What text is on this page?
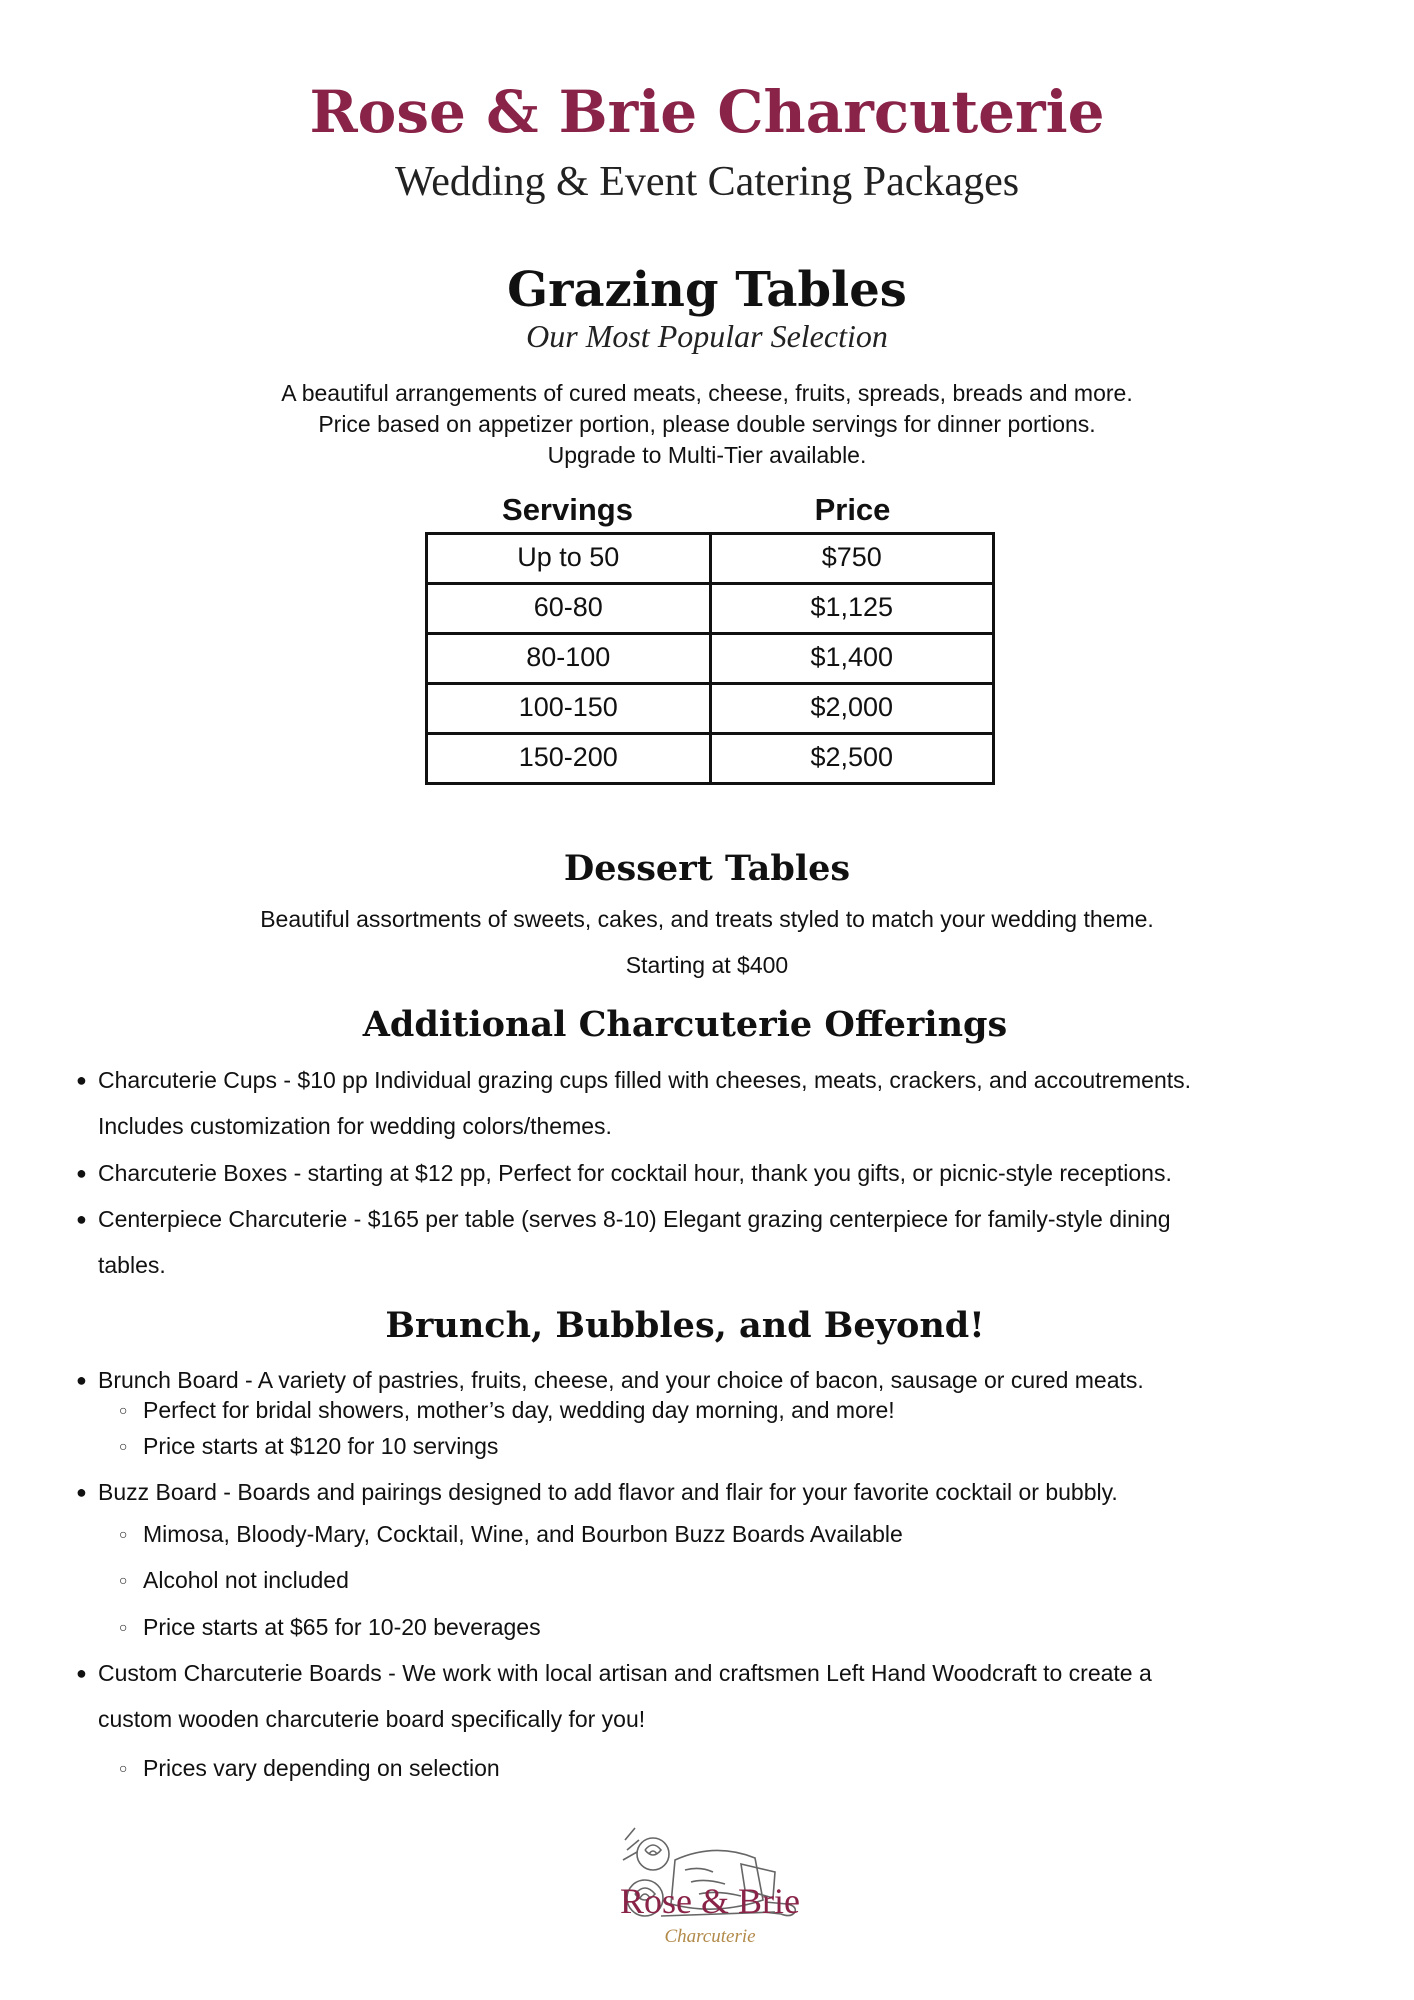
Rose & Brie Charcuterie
Wedding & Event Catering Packages
Grazing Tables
Our Most Popular Selection
A beautiful arrangements of cured meats, cheese, fruits, spreads, breads and more.
Price based on appetizer portion, please double servings for dinner portions.
Upgrade to Multi-Tier available.
Servings	Price
Up to 50	$750
60-80	$1,125
80-100	$1,400
100-150	$2,000
150-200	$2,500
Dessert Tables
Beautiful assortments of sweets, cakes, and treats styled to match your wedding theme.
Starting at $400
Additional Charcuterie Offerings
● Charcuterie Cups - $10 pp Individual grazing cups filled with cheeses, meats, crackers, and accoutrements.
Includes customization for wedding colors/themes.
● Charcuterie Boxes - starting at $12 pp, Perfect for cocktail hour, thank you gifts, or picnic-style receptions.
● Centerpiece Charcuterie - $165 per table (serves 8-10) Elegant grazing centerpiece for family-style dining
tables.
Brunch, Bubbles, and Beyond!
● Brunch Board - A variety of pastries, fruits, cheese, and your choice of bacon, sausage or cured meats.
○ Perfect for bridal showers, mother’s day, wedding day morning, and more!
○ Price starts at $120 for 10 servings
● Buzz Board - Boards and pairings designed to add flavor and flair for your favorite cocktail or bubbly.
○ Mimosa, Bloody-Mary, Cocktail, Wine, and Bourbon Buzz Boards Available
○ Alcohol not included
○ Price starts at $65 for 10-20 beverages
● Custom Charcuterie Boards - We work with local artisan and craftsmen Left Hand Woodcraft to create a
custom wooden charcuterie board specifically for you!
○ Prices vary depending on selection
Rose & Brie
Charcuterie
